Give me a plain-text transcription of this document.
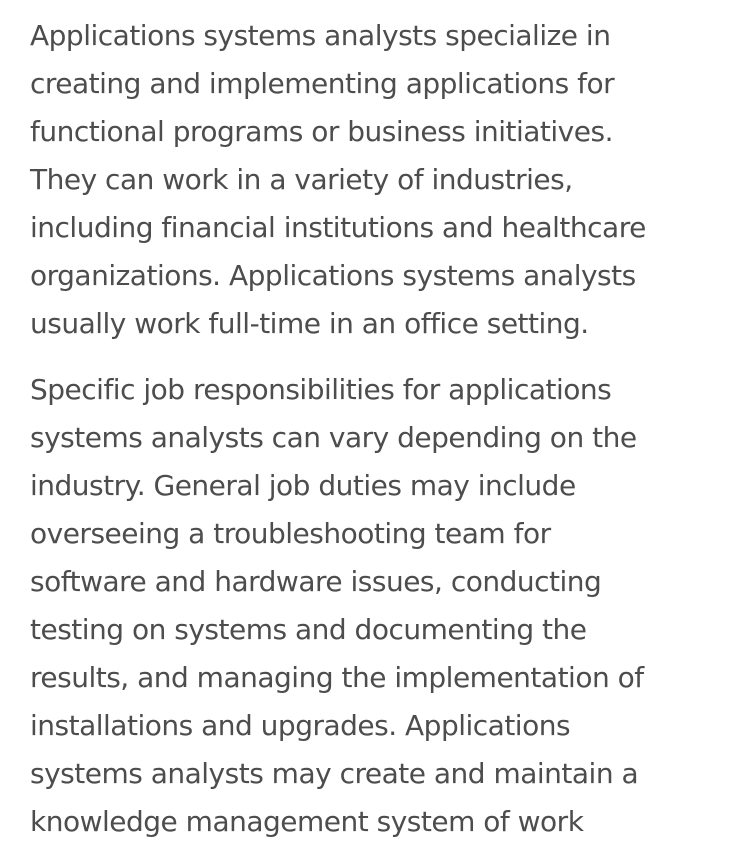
Applications systems analysts specialize in
creating and implementing applications for
functional programs or business initiatives.
They can work in a variety of industries,
including financial institutions and healthcare
organizations. Applications systems analysts
usually work full-time in an office setting.

Specific job responsibilities for applications
systems analysts can vary depending on the
industry. General job duties may include
overseeing a troubleshooting team for
software and hardware issues, conducting
testing on systems and documenting the
results, and managing the implementation of
installations and upgrades. Applications
systems analysts may create and maintain a
knowledge management system of work
